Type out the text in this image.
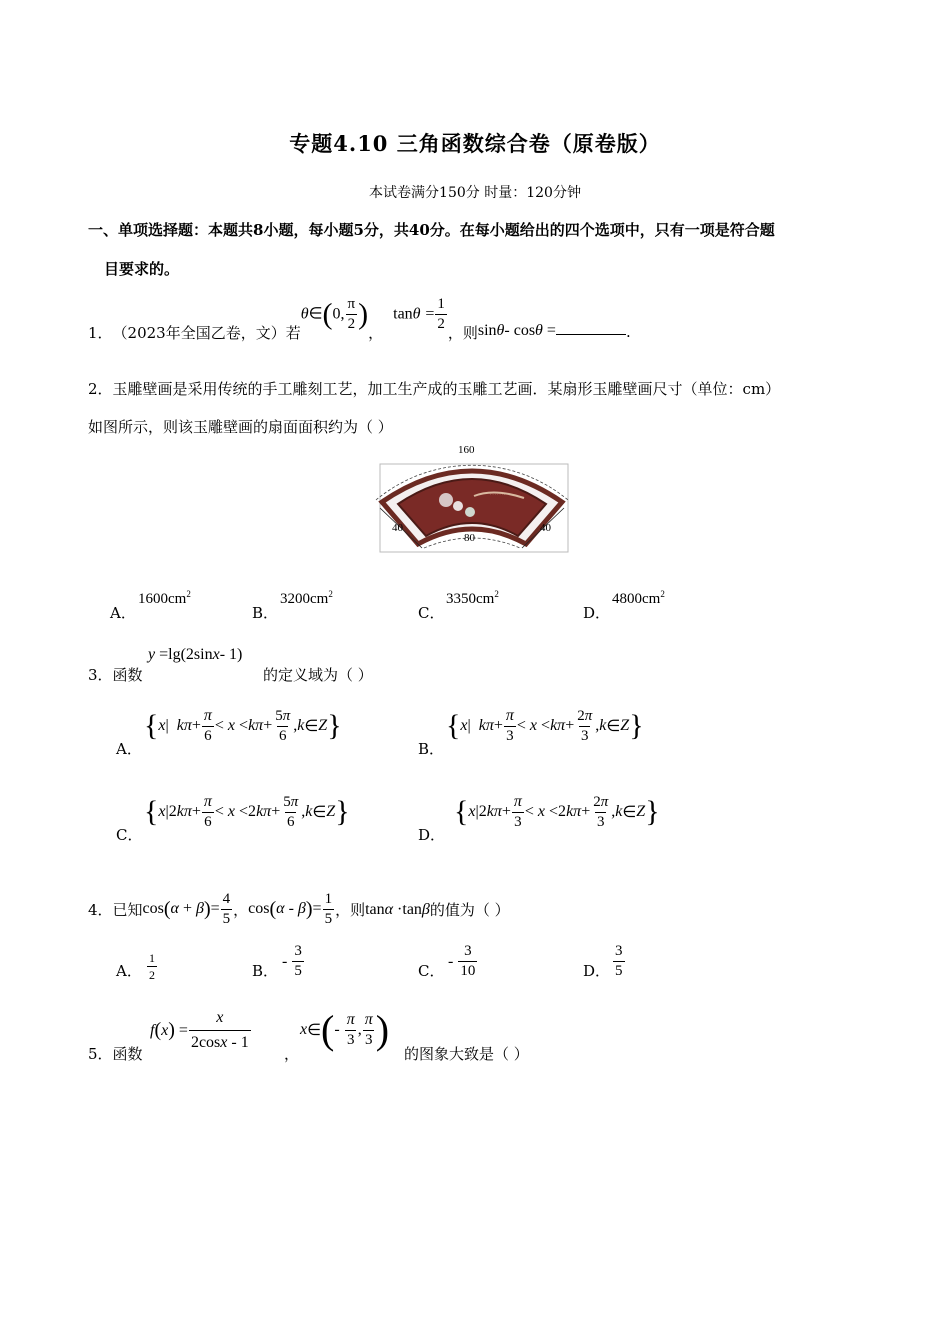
专题4.10 三角函数综合卷（原卷版）
本试卷满分150分 时量：120分钟
一、单项选择题：本题共8小题，每小题5分，共40分。在每小题给出的四个选项中，只有一项是符合题
目要求的。
1． （2023年全国乙卷，文）若
θ∈(0, $\frac{\pi}{2}$ )
，
$\tan\theta = \frac{1}{2}$
，则 sinθ- cosθ =	.
2．玉雕壁画是采用传统的手工雕刻工艺，加工生产成的玉雕工艺画．某扇形玉雕壁画尺寸（单位：cm）
如图所示，则该玉雕壁画的扇面面积约为（ ）
· · · · · · ·
160
40	40
80
A．
$1600cm^2$
B．
$3200cm^2$
C．
$3350cm^2$
D．
$4800cm^2$
3．函数
y =lg(2sinx- 1)
的定义域为（ ）
A．
{ x | $k\pi + \frac{\pi}{6} < x < k\pi + \frac{5\pi}{6}$ , k ∈ Z }
B．
{ x | $k\pi + \frac{\pi}{3} < x < k\pi + \frac{2\pi}{3}$ , k ∈ Z }
C．
{ x |2 $k\pi + \frac{\pi}{6} < x <2$ $k\pi + \frac{5\pi}{6}$ , k ∈ Z }
D．
{ x |2 $k\pi + \frac{\pi}{3} < x <2$ $k\pi + \frac{2\pi}{3}$ , k ∈ Z }
4．已知 cos ( α + β ) = $\frac{4}{5}$ ， cos ( α - β ) = $\frac{1}{5}$ ，则 tanα ·tanβ 的值为（ ）
A． $\frac{1}{2}$	B．
- $\frac{3}{5}$	C．
- $\frac{3}{10}$	D． $\frac{3}{5}$
5．函数
f ( x ) = $\frac{x}{2\cos x - 1}$
，
x ∈ ( - $\frac{\pi}{3}$ , $\frac{\pi}{3}$ )
的图象大致是（ ）
